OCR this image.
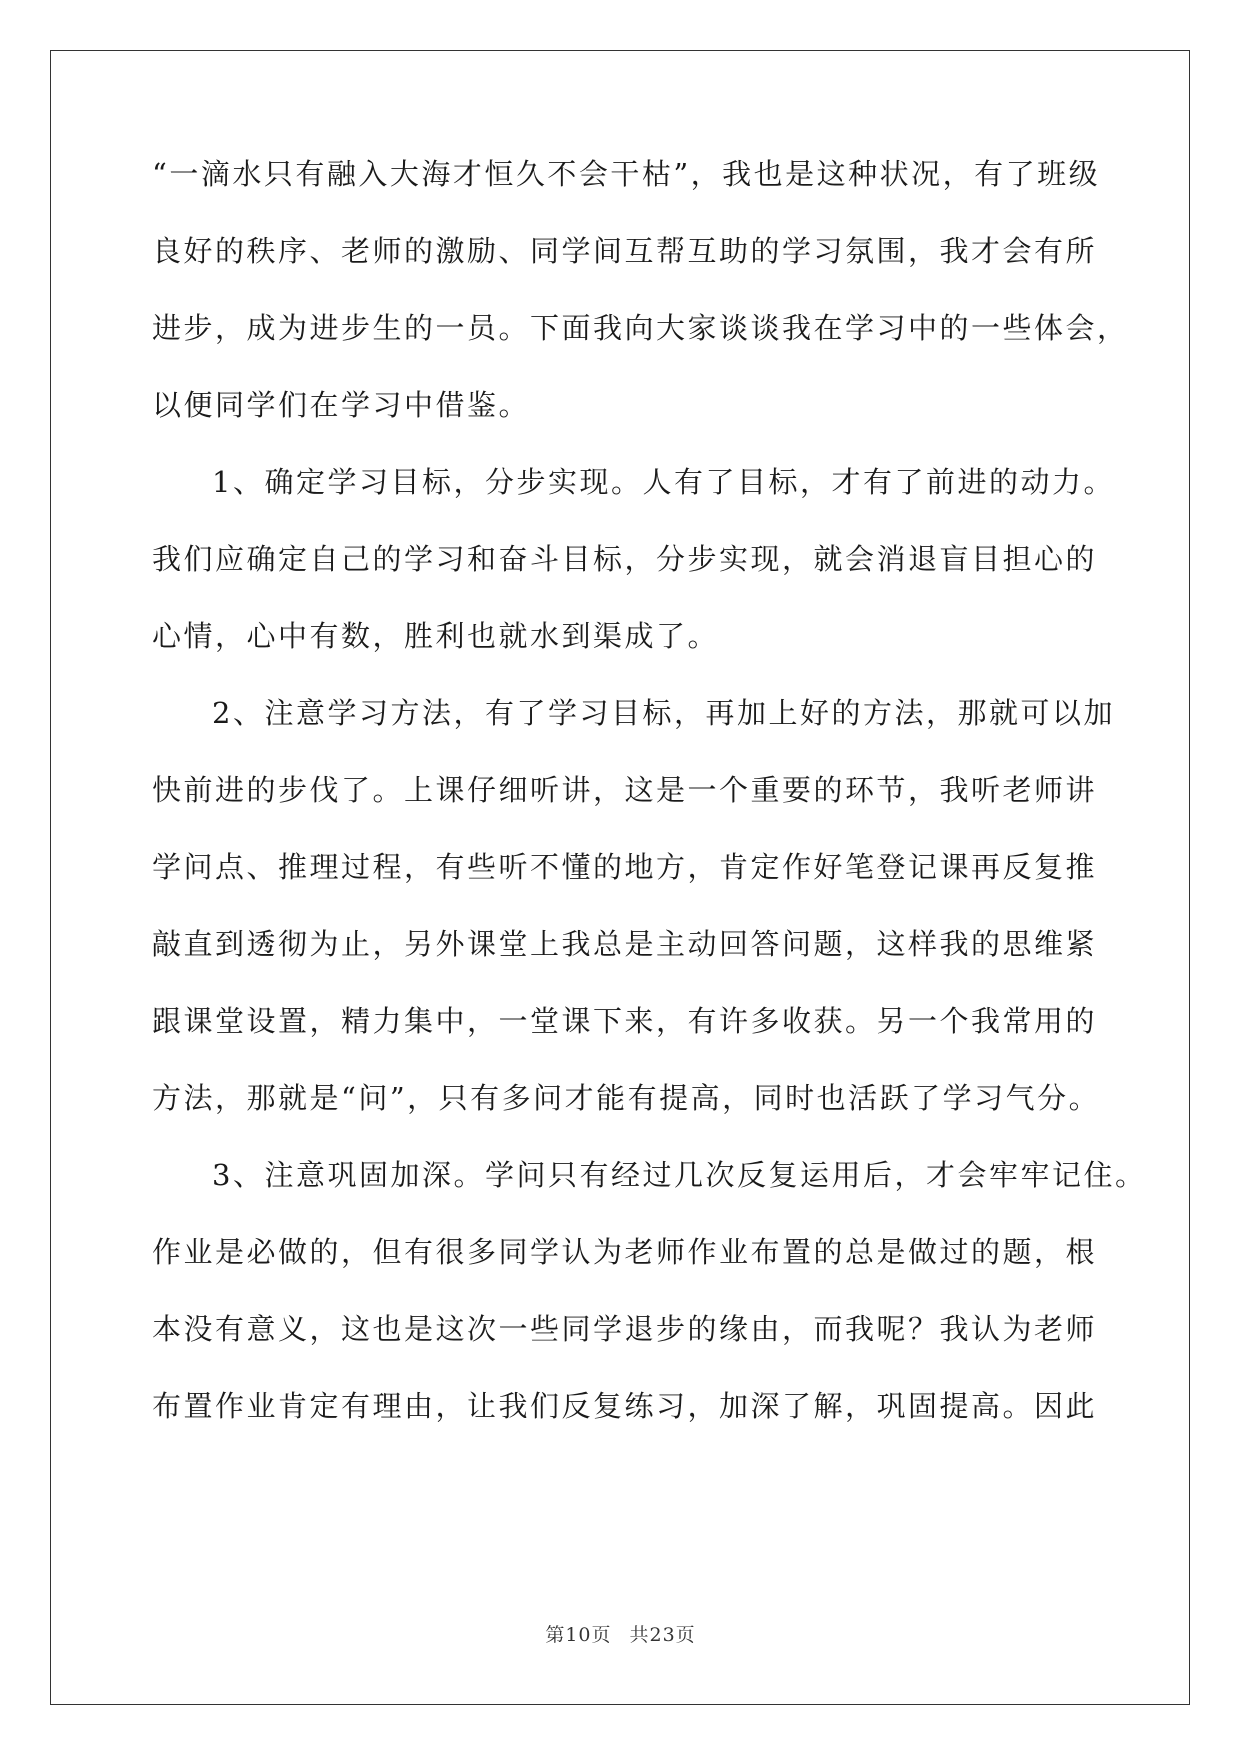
“一滴水只有融入大海才恒久不会干枯”，我也是这种状况，有了班级
良好的秩序、老师的激励、同学间互帮互助的学习氛围，我才会有所
进步，成为进步生的一员。下面我向大家谈谈我在学习中的一些体会，
以便同学们在学习中借鉴。
1、确定学习目标，分步实现。人有了目标，才有了前进的动力。
我们应确定自己的学习和奋斗目标，分步实现，就会消退盲目担心的
心情，心中有数，胜利也就水到渠成了。
2、注意学习方法，有了学习目标，再加上好的方法，那就可以加
快前进的步伐了。上课仔细听讲，这是一个重要的环节，我听老师讲
学问点、推理过程，有些听不懂的地方，肯定作好笔登记课再反复推
敲直到透彻为止，另外课堂上我总是主动回答问题，这样我的思维紧
跟课堂设置，精力集中，一堂课下来，有许多收获。另一个我常用的
方法，那就是“问”，只有多问才能有提高，同时也活跃了学习气分。
3、注意巩固加深。学问只有经过几次反复运用后，才会牢牢记住。
作业是必做的，但有很多同学认为老师作业布置的总是做过的题，根
本没有意义，这也是这次一些同学退步的缘由，而我呢？我认为老师
布置作业肯定有理由，让我们反复练习，加深了解，巩固提高。因此
第10页 共23页
